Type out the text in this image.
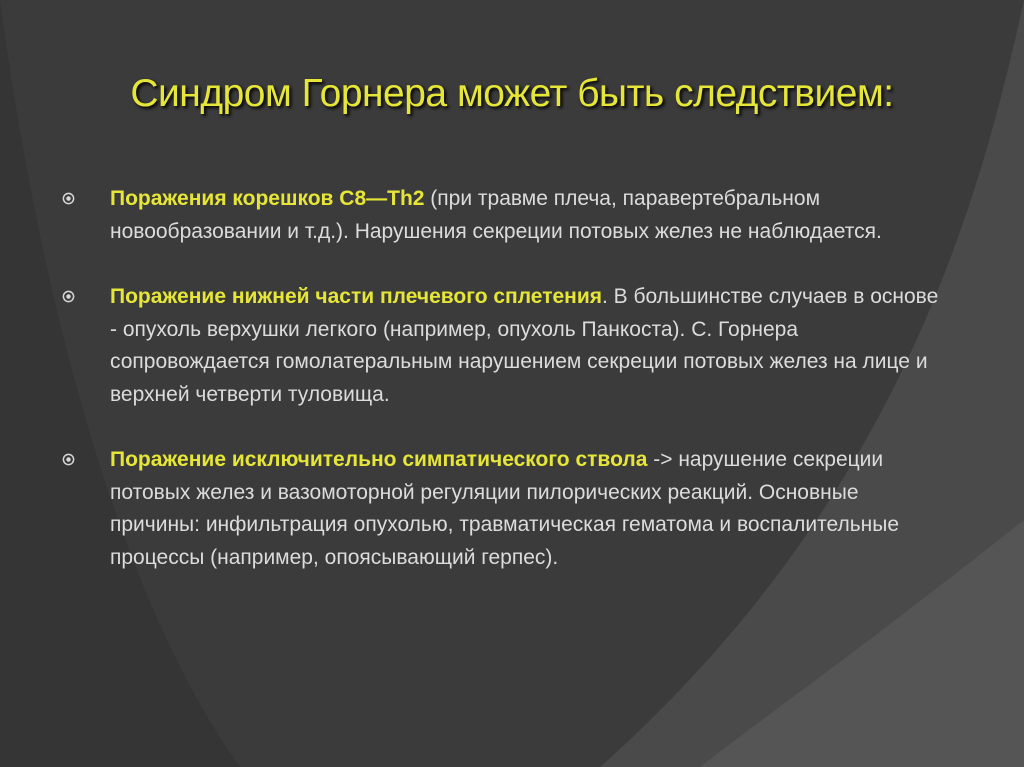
Синдром Горнера может быть следствием:
Поражения корешков С8—Th2 (при травме плеча, паравертебральном новообразовании и т.д.). Нарушения секреции потовых желез не наблюдается.
Поражение нижней части плечевого сплетения. В большинстве случаев в основе - опухоль верхушки легкого (например, опухоль Панкоста). С. Горнера сопровождается гомолатеральным нарушением секреции потовых желез на лице и верхней четверти туловища.
Поражение исключительно симпатического ствола -> нарушение секреции потовых желез и вазомоторной регуляции пилорических реакций. Основные причины: инфильтрация опухолью, травматическая гематома и воспалительные процессы (например, опоясывающий герпес).
